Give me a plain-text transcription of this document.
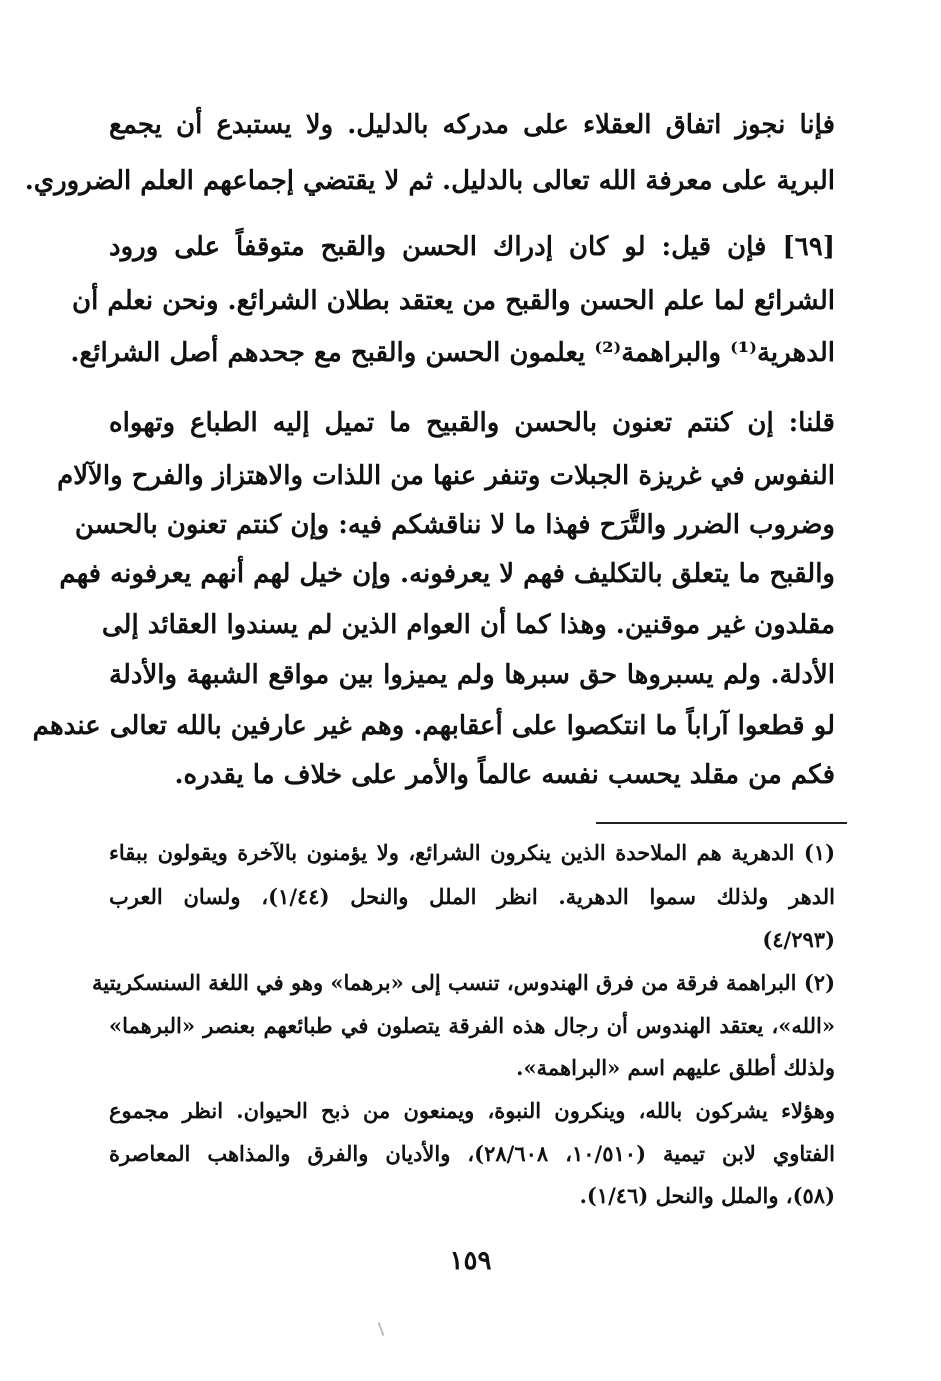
فإنا نجوز اتفاق العقلاء على مدركه بالدليل. ولا يستبدع أن يجمع
البرية على معرفة الله تعالى بالدليل. ثم لا يقتضي إجماعهم العلم الضروري.
[٦٩] فإن قيل: لو كان إدراك الحسن والقبح متوقفاً على ورود
الشرائع لما علم الحسن والقبح من يعتقد بطلان الشرائع. ونحن نعلم أن
الدهرية⁽¹⁾ والبراهمة⁽²⁾ يعلمون الحسن والقبح مع جحدهم أصل الشرائع.
قلنا: إن كنتم تعنون بالحسن والقبيح ما تميل إليه الطباع وتهواه
النفوس في غريزة الجبلات وتنفر عنها من اللذات والاهتزاز والفرح والآلام
وضروب الضرر والتَّرَح فهذا ما لا نناقشكم فيه: وإن كنتم تعنون بالحسن
والقبح ما يتعلق بالتكليف فهم لا يعرفونه. وإن خيل لهم أنهم يعرفونه فهم
مقلدون غير موقنين. وهذا كما أن العوام الذين لم يسندوا العقائد إلى
الأدلة. ولم يسبروها حق سبرها ولم يميزوا بين مواقع الشبهة والأدلة
لو قطعوا آراباً ما انتكصوا على أعقابهم. وهم غير عارفين بالله تعالى عندهم
فكم من مقلد يحسب نفسه عالماً والأمر على خلاف ما يقدره.
(١) الدهرية هم الملاحدة الذين ينكرون الشرائع، ولا يؤمنون بالآخرة ويقولون ببقاء
الدهر ولذلك سموا الدهرية. انظر الملل والنحل (١/٤٤)، ولسان العرب
(٤/٢٩٣)
(٢) البراهمة فرقة من فرق الهندوس، تنسب إلى «برهما» وهو في اللغة السنسكريتية
«الله»، يعتقد الهندوس أن رجال هذه الفرقة يتصلون في طبائعهم بعنصر «البرهما»
ولذلك أطلق عليهم اسم «البراهمة».
وهؤلاء يشركون بالله، وينكرون النبوة، ويمنعون من ذبح الحيوان. انظر مجموع
الفتاوي لابن تيمية (١٠/٥١٠، ٢٨/٦٠٨)، والأديان والفرق والمذاهب المعاصرة
(٥٨)، والملل والنحل (١/٤٦).
١٥٩
